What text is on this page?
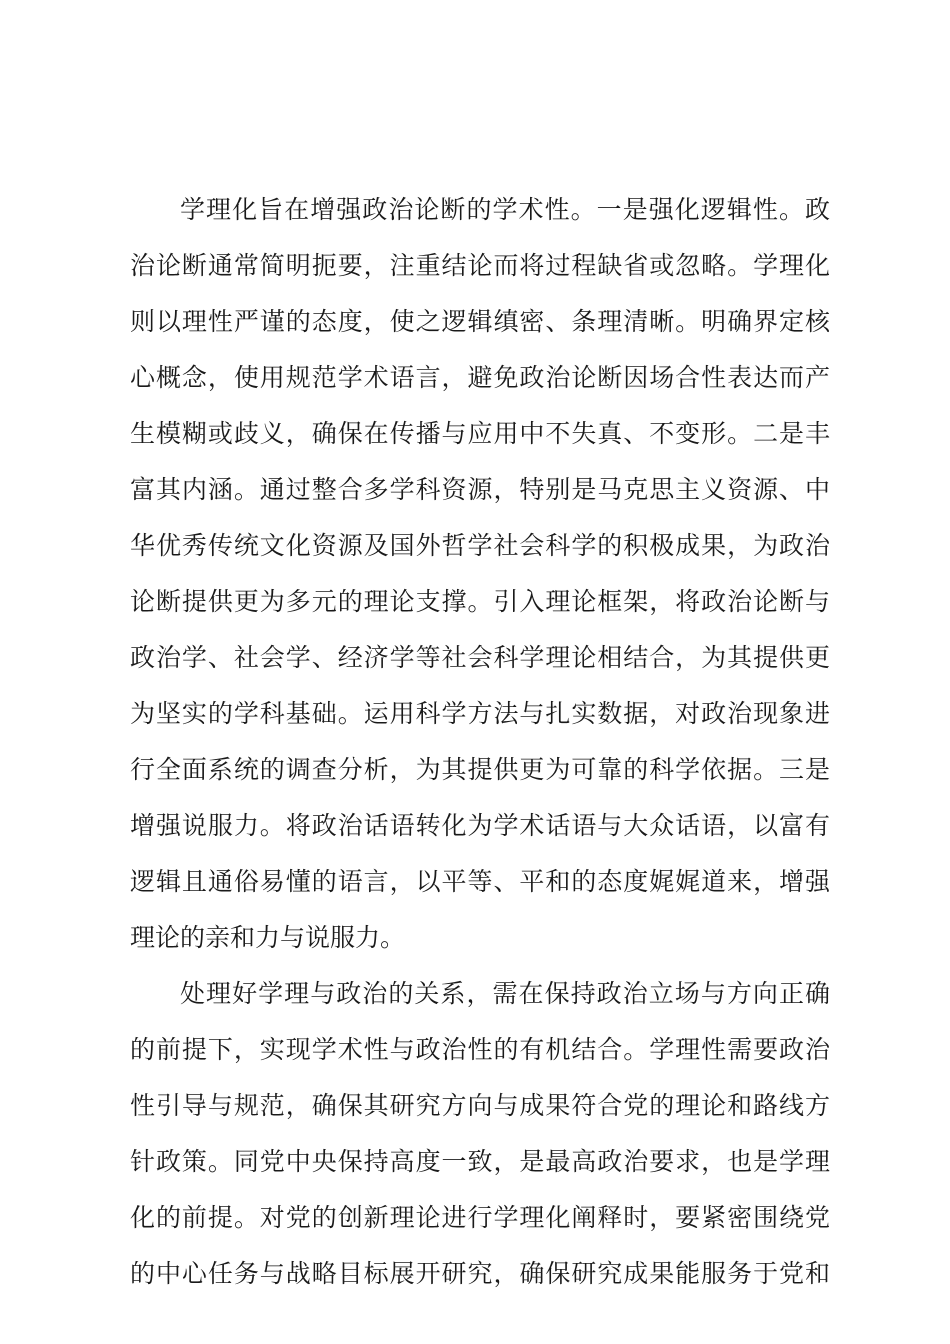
学理化旨在增强政治论断的学术性。一是强化逻辑性。政
治论断通常简明扼要，注重结论而将过程缺省或忽略。学理化
则以理性严谨的态度，使之逻辑缜密、条理清晰。明确界定核
心概念，使用规范学术语言，避免政治论断因场合性表达而产
生模糊或歧义，确保在传播与应用中不失真、不变形。二是丰
富其内涵。通过整合多学科资源，特别是马克思主义资源、中
华优秀传统文化资源及国外哲学社会科学的积极成果，为政治
论断提供更为多元的理论支撑。引入理论框架，将政治论断与
政治学、社会学、经济学等社会科学理论相结合，为其提供更
为坚实的学科基础。运用科学方法与扎实数据，对政治现象进
行全面系统的调查分析，为其提供更为可靠的科学依据。三是
增强说服力。将政治话语转化为学术话语与大众话语，以富有
逻辑且通俗易懂的语言，以平等、平和的态度娓娓道来，增强
理论的亲和力与说服力。
处理好学理与政治的关系，需在保持政治立场与方向正确
的前提下，实现学术性与政治性的有机结合。学理性需要政治
性引导与规范，确保其研究方向与成果符合党的理论和路线方
针政策。同党中央保持高度一致，是最高政治要求，也是学理
化的前提。对党的创新理论进行学理化阐释时，要紧密围绕党
的中心任务与战略目标展开研究，确保研究成果能服务于党和
